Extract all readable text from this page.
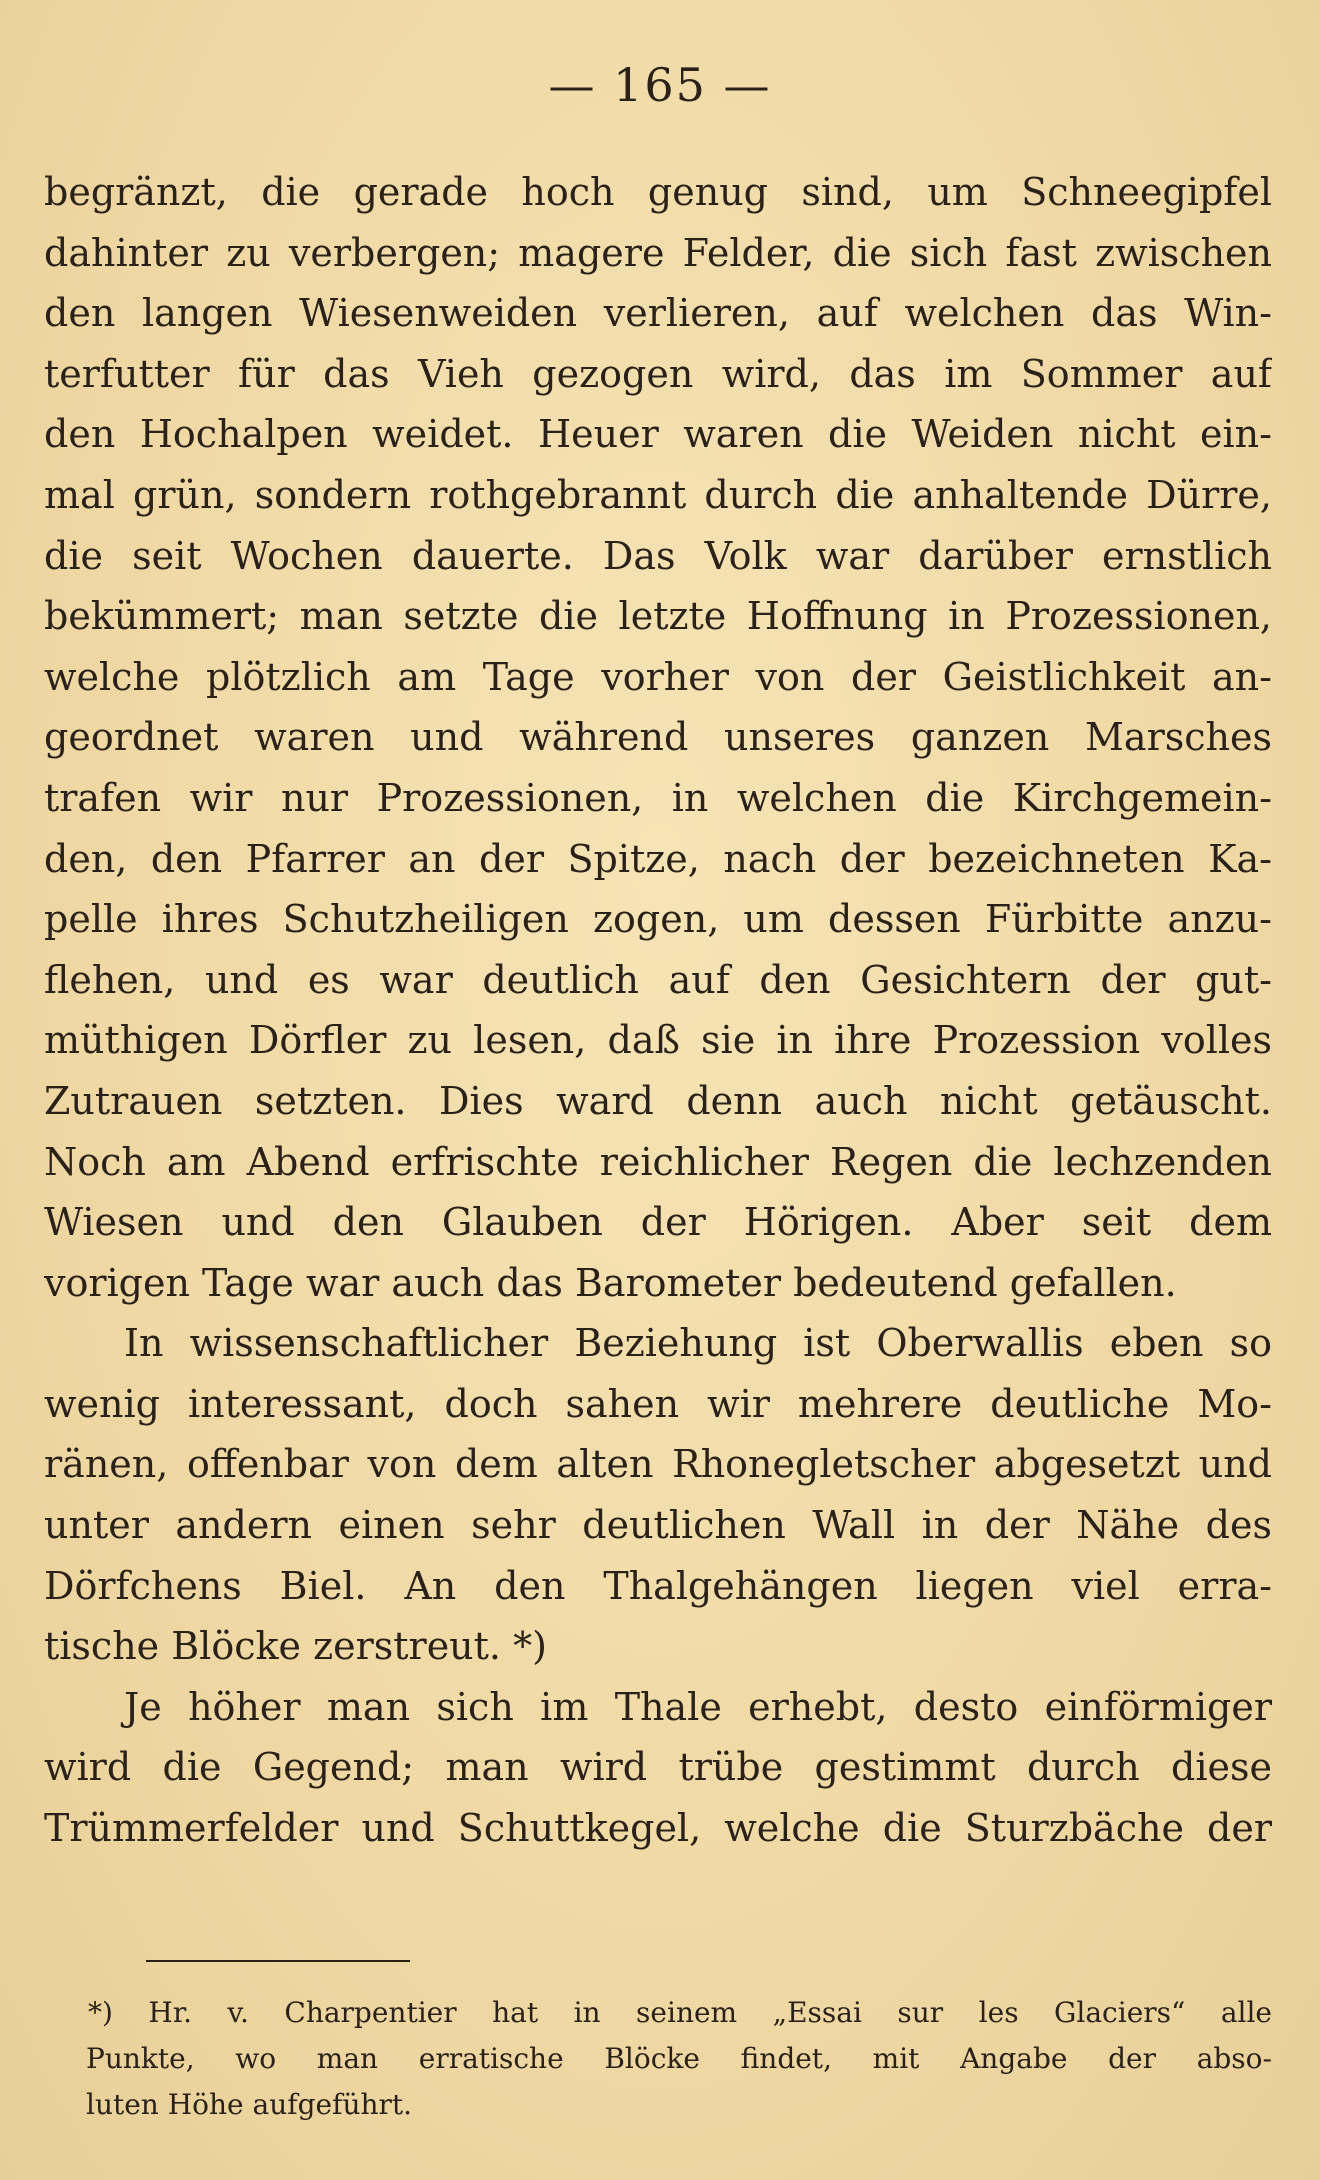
— 165 —
begränzt, die gerade hoch genug sind, um Schneegipfel
dahinter zu verbergen; magere Felder, die sich fast zwischen
den langen Wiesenweiden verlieren, auf welchen das Win-
terfutter für das Vieh gezogen wird, das im Sommer auf
den Hochalpen weidet. Heuer waren die Weiden nicht ein-
mal grün, sondern rothgebrannt durch die anhaltende Dürre,
die seit Wochen dauerte. Das Volk war darüber ernstlich
bekümmert; man setzte die letzte Hoffnung in Prozessionen,
welche plötzlich am Tage vorher von der Geistlichkeit an-
geordnet waren und während unseres ganzen Marsches
trafen wir nur Prozessionen, in welchen die Kirchgemein-
den, den Pfarrer an der Spitze, nach der bezeichneten Ka-
pelle ihres Schutzheiligen zogen, um dessen Fürbitte anzu-
flehen, und es war deutlich auf den Gesichtern der gut-
müthigen Dörfler zu lesen, daß sie in ihre Prozession volles
Zutrauen setzten. Dies ward denn auch nicht getäuscht.
Noch am Abend erfrischte reichlicher Regen die lechzenden
Wiesen und den Glauben der Hörigen. Aber seit dem
vorigen Tage war auch das Barometer bedeutend gefallen.
In wissenschaftlicher Beziehung ist Oberwallis eben so
wenig interessant, doch sahen wir mehrere deutliche Mo-
ränen, offenbar von dem alten Rhonegletscher abgesetzt und
unter andern einen sehr deutlichen Wall in der Nähe des
Dörfchens Biel. An den Thalgehängen liegen viel erra-
tische Blöcke zerstreut. *)
Je höher man sich im Thale erhebt, desto einförmiger
wird die Gegend; man wird trübe gestimmt durch diese
Trümmerfelder und Schuttkegel, welche die Sturzbäche der
*) Hr. v. Charpentier hat in seinem „Essai sur les Glaciers“ alle
Punkte, wo man erratische Blöcke findet, mit Angabe der abso-
luten Höhe aufgeführt.
